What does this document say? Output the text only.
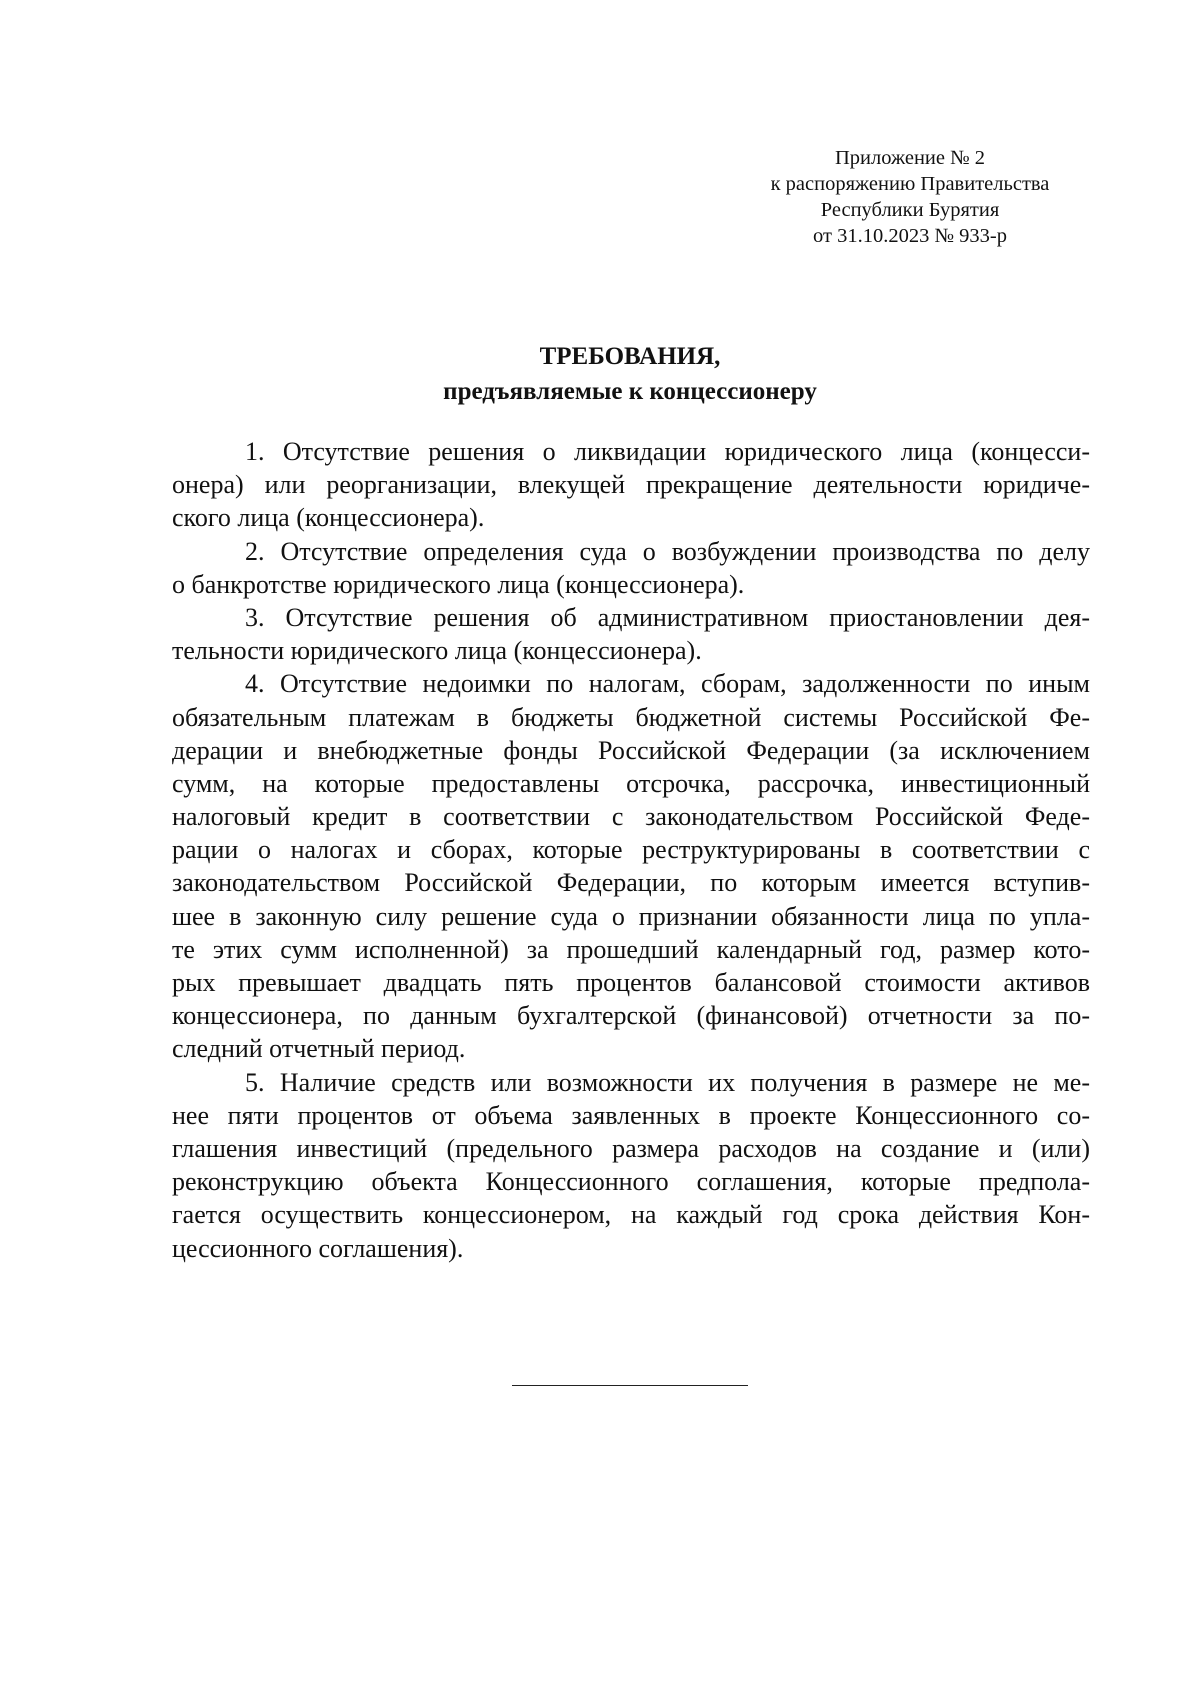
Приложение № 2
к распоряжению Правительства
Республики Бурятия
от 31.10.2023 № 933-р
ТРЕБОВАНИЯ,
предъявляемые к концессионеру
1. Отсутствие решения о ликвидации юридического лица (концесси-
онера) или реорганизации, влекущей прекращение деятельности юридиче-
ского лица (концессионера).
2. Отсутствие определения суда о возбуждении производства по делу
о банкротстве юридического лица (концессионера).
3. Отсутствие решения об административном приостановлении дея-
тельности юридического лица (концессионера).
4. Отсутствие недоимки по налогам, сборам, задолженности по иным
обязательным платежам в бюджеты бюджетной системы Российской Фе-
дерации и внебюджетные фонды Российской Федерации (за исключением
сумм, на которые предоставлены отсрочка, рассрочка, инвестиционный
налоговый кредит в соответствии с законодательством Российской Феде-
рации о налогах и сборах, которые реструктурированы в соответствии с
законодательством Российской Федерации, по которым имеется вступив-
шее в законную силу решение суда о признании обязанности лица по упла-
те этих сумм исполненной) за прошедший календарный год, размер кото-
рых превышает двадцать пять процентов балансовой стоимости активов
концессионера, по данным бухгалтерской (финансовой) отчетности за по-
следний отчетный период.
5. Наличие средств или возможности их получения в размере не ме-
нее пяти процентов от объема заявленных в проекте Концессионного со-
глашения инвестиций (предельного размера расходов на создание и (или)
реконструкцию объекта Концессионного соглашения, которые предпола-
гается осуществить концессионером, на каждый год срока действия Кон-
цессионного соглашения).
